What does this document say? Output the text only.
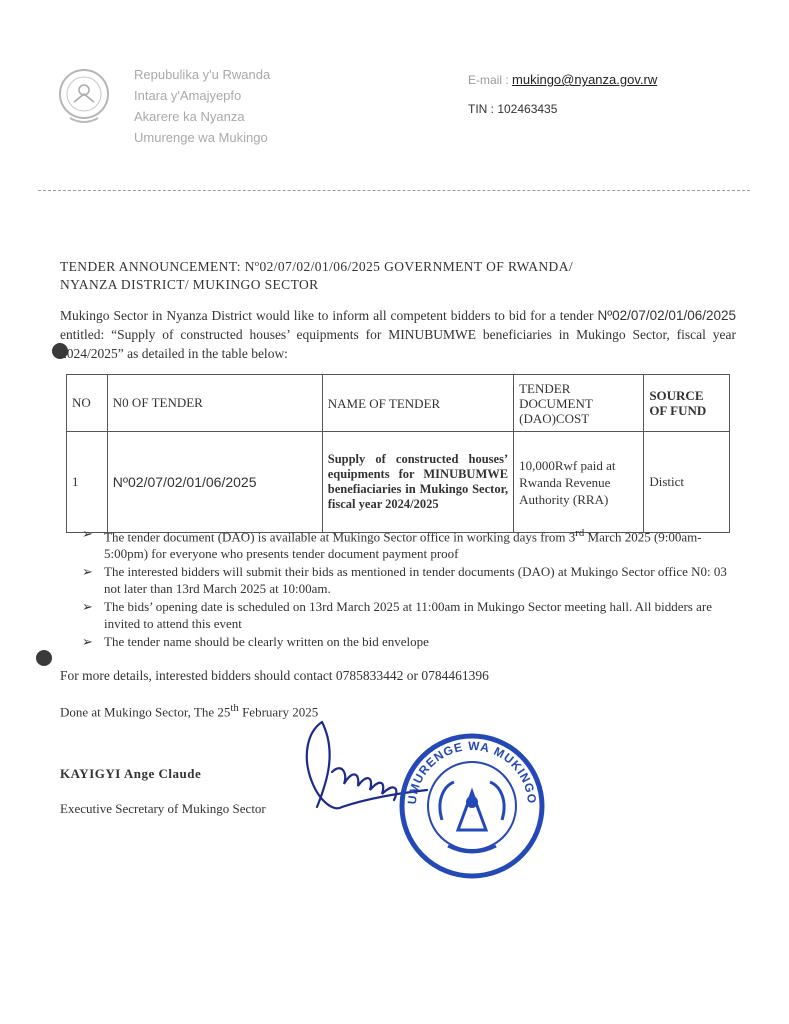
Repubulika y'u Rwanda
Intara y'Amajyepfo
Akarere ka Nyanza
Umurenge wa Mukingo
E-mail : mukingo@nyanza.gov.rw
TIN : 102463435
TENDER ANNOUNCEMENT: Nº02/07/02/01/06/2025 GOVERNMENT OF RWANDA/
NYANZA DISTRICT/ MUKINGO SECTOR
Mukingo Sector in Nyanza District would like to inform all competent bidders to bid for a tender Nº02/07/02/01/06/2025 entitled: “Supply of constructed houses’ equipments for MINUBUMWE beneficiaries in Mukingo Sector, fiscal year 2024/2025” as detailed in the table below:
NO	N0 OF TENDER	NAME OF TENDER	TENDER DOCUMENT (DAO)COST	SOURCE OF FUND
1	Nº02/07/02/01/06/2025	Supply of constructed houses’ equipments for MINUBUMWE benefiaciaries in Mukingo Sector, fiscal year 2024/2025	10,000Rwf paid at Rwanda Revenue Authority (RRA)	Distict
➢ The tender document (DAO) is available at Mukingo Sector office in working days from 3rd March 2025 (9:00am-5:00pm) for everyone who presents tender document payment proof
➢ The interested bidders will submit their bids as mentioned in tender documents (DAO) at Mukingo Sector office N0: 03 not later than 13rd March 2025 at 10:00am.
➢ The bids’ opening date is scheduled on 13rd March 2025 at 11:00am in Mukingo Sector meeting hall. All bidders are invited to attend this event
➢ The tender name should be clearly written on the bid envelope
For more details, interested bidders should contact 0785833442 or 0784461396
Done at Mukingo Sector, The 25th February 2025
KAYIGYI Ange Claude
Executive Secretary of Mukingo Sector
UMURENGE WA MUKINGO
